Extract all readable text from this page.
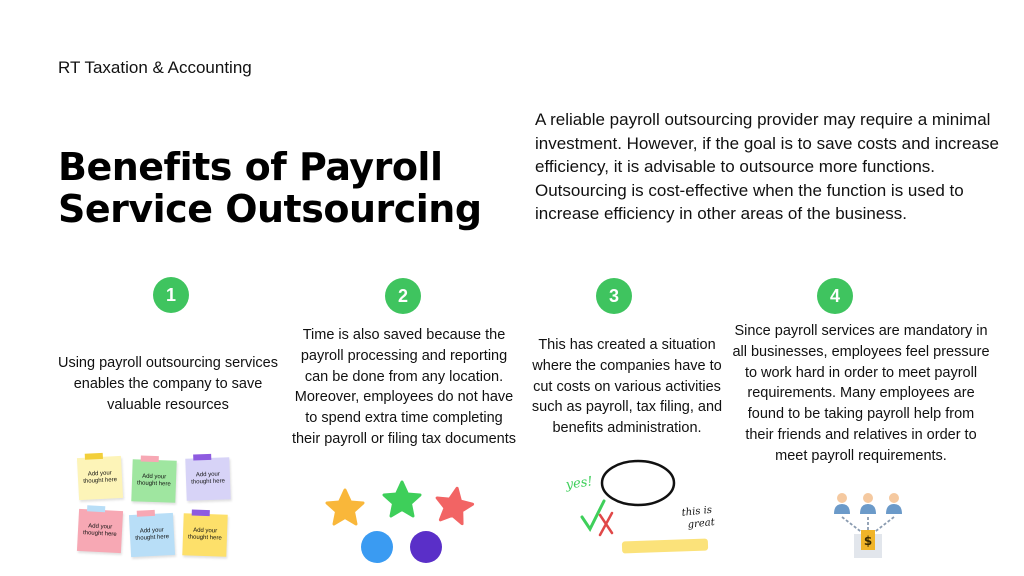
RT Taxation & Accounting
Benefits of Payroll Service Outsourcing
A reliable payroll outsourcing provider may require a minimal investment. However, if the goal is to save costs and increase efficiency, it is advisable to outsource more functions. Outsourcing is cost-effective when the function is used to increase efficiency in other areas of the business.
1	2	3	4
Using payroll outsourcing services enables the company to save valuable resources
Time is also saved because the payroll processing and reporting can be done from any location. Moreover, employees do not have to spend extra time completing their payroll or filing tax documents
This has created a situation where the companies have to cut costs on various activities such as payroll, tax filing, and benefits administration.
Since payroll services are mandatory in all businesses, employees feel pressure to work hard in order to meet payroll requirements. Many employees are found to be taking payroll help from their friends and relatives in order to meet payroll requirements.
Add your thought here
Add your thought here
Add your thought here
Add your thought here	Add your thought here
Add your thought here
yes!
this is
great
$
